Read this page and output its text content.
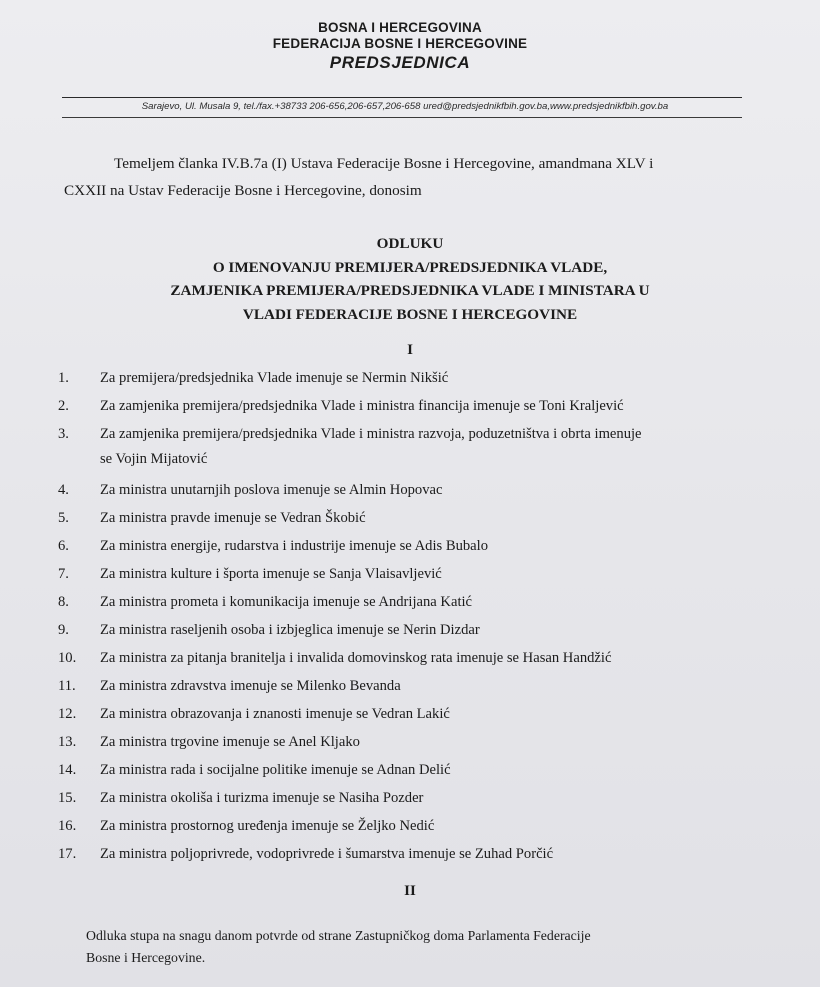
BOSNA I HERCEGOVINA
FEDERACIJA BOSNE I HERCEGOVINE
PREDSJEDNICA
Sarajevo, Ul. Musala 9, tel./fax.+38733 206-656,206-657,206-658 ured@predsjednikfbih.gov.ba,www.predsjednikfbih.gov.ba
Temeljem članka IV.B.7a (I) Ustava Federacije Bosne i Hercegovine, amandmana XLV i
CXXII na Ustav Federacije Bosne i Hercegovine, donosim
ODLUKU
O IMENOVANJU PREMIJERA/PREDSJEDNIKA VLADE,
ZAMJENIKA PREMIJERA/PREDSJEDNIKA VLADE I MINISTARA U
VLADI FEDERACIJE BOSNE I HERCEGOVINE
I
1.	Za premijera/predsjednika Vlade imenuje se Nermin Nikšić
2.	Za zamjenika premijera/predsjednika Vlade i ministra financija imenuje se Toni Kraljević
3.	Za zamjenika premijera/predsjednika Vlade i ministra razvoja, poduzetništva i obrta imenuje
se Vojin Mijatović
4.	Za ministra unutarnjih poslova imenuje se Almin Hopovac
5.	Za ministra pravde imenuje se Vedran Škobić
6.	Za ministra energije, rudarstva i industrije imenuje se Adis Bubalo
7.	Za ministra kulture i športa imenuje se Sanja Vlaisavljević
8.	Za ministra prometa i komunikacija imenuje se Andrijana Katić
9.	Za ministra raseljenih osoba i izbjeglica imenuje se Nerin Dizdar
10.	Za ministra za pitanja branitelja i invalida domovinskog rata imenuje se Hasan Handžić
11.	Za ministra zdravstva imenuje se Milenko Bevanda
12.	Za ministra obrazovanja i znanosti imenuje se Vedran Lakić
13.	Za ministra trgovine imenuje se Anel Kljako
14.	Za ministra rada i socijalne politike imenuje se Adnan Delić
15.	Za ministra okoliša i turizma imenuje se Nasiha Pozder
16.	Za ministra prostornog uređenja imenuje se Željko Nedić
17.	Za ministra poljoprivrede, vodoprivrede i šumarstva imenuje se Zuhad Porčić
II
Odluka stupa na snagu danom potvrde od strane Zastupničkog doma Parlamenta Federacije
Bosne i Hercegovine.
